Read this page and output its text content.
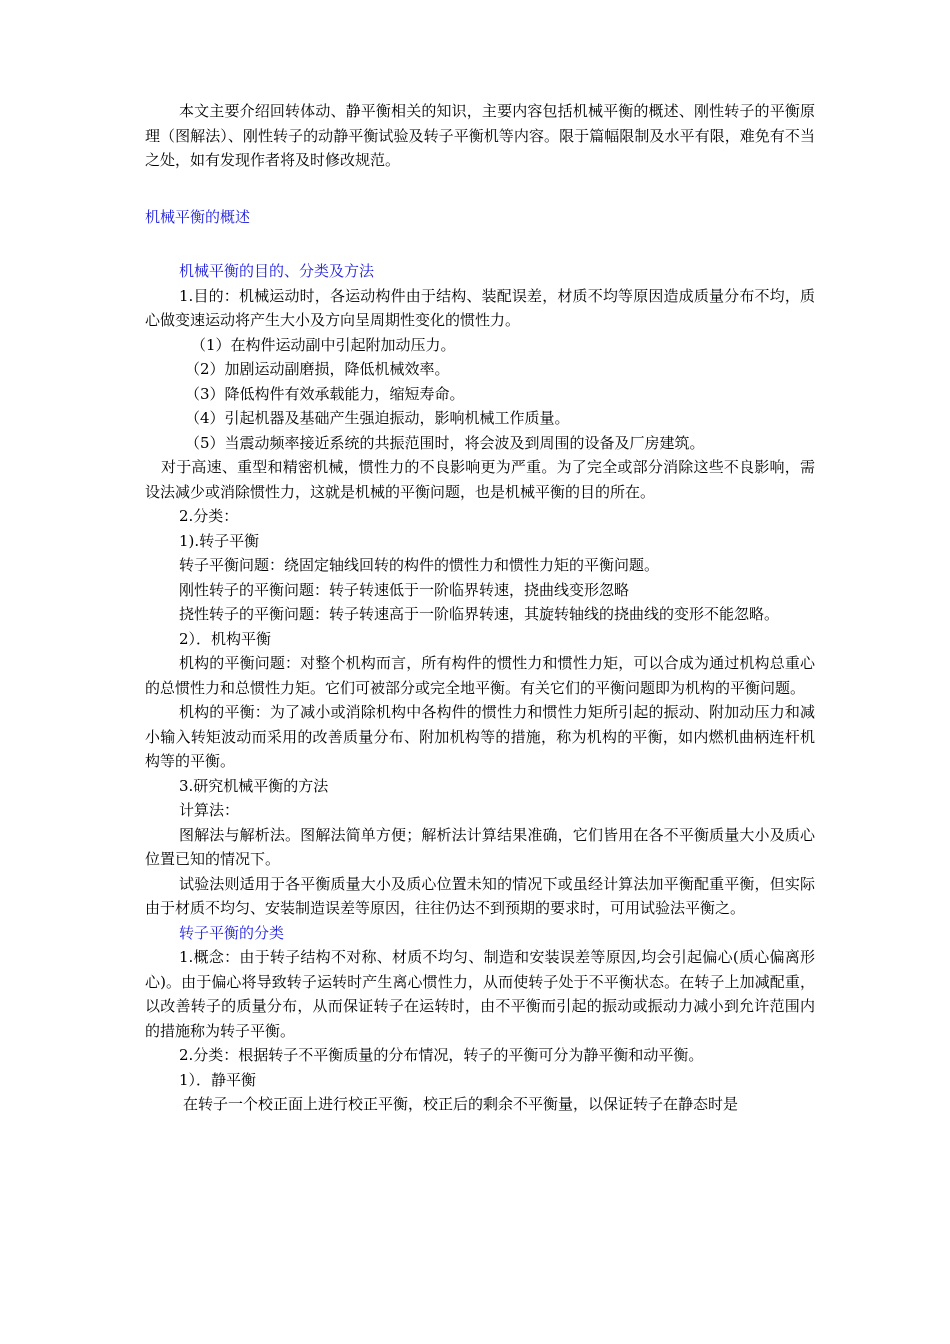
本文主要介绍回转体动、静平衡相关的知识，主要内容包括机械平衡的概述、刚性转子的平衡原理（图解法）、刚性转子的动静平衡试验及转子平衡机等内容。限于篇幅限制及水平有限，难免有不当之处，如有发现作者将及时修改规范。

机械平衡的概述

机械平衡的目的、分类及方法

1.目的：机械运动时，各运动构件由于结构、装配误差，材质不均等原因造成质量分布不均，质心做变速运动将产生大小及方向呈周期性变化的惯性力。

（1）在构件运动副中引起附加动压力。

（2）加剧运动副磨损，降低机械效率。

（3）降低构件有效承载能力，缩短寿命。

（4）引起机器及基础产生强迫振动，影响机械工作质量。

（5）当震动频率接近系统的共振范围时，将会波及到周围的设备及厂房建筑。

对于高速、重型和精密机械，惯性力的不良影响更为严重。为了完全或部分消除这些不良影响，需设法减少或消除惯性力，这就是机械的平衡问题，也是机械平衡的目的所在。

2.分类：

1).转子平衡

转子平衡问题：绕固定轴线回转的构件的惯性力和惯性力矩的平衡问题。

刚性转子的平衡问题：转子转速低于一阶临界转速，挠曲线变形忽略

挠性转子的平衡问题：转子转速高于一阶临界转速，其旋转轴线的挠曲线的变形不能忽略。

2）．机构平衡

机构的平衡问题：对整个机构而言，所有构件的惯性力和惯性力矩，可以合成为通过机构总重心的总惯性力和总惯性力矩。它们可被部分或完全地平衡。有关它们的平衡问题即为机构的平衡问题。

机构的平衡：为了减小或消除机构中各构件的惯性力和惯性力矩所引起的振动、附加动压力和减小输入转矩波动而采用的改善质量分布、附加机构等的措施，称为机构的平衡，如内燃机曲柄连杆机构等的平衡。

3.研究机械平衡的方法

计算法：

图解法与解析法。图解法简单方便；解析法计算结果准确，它们皆用在各不平衡质量大小及质心位置已知的情况下。

试验法则适用于各平衡质量大小及质心位置未知的情况下或虽经计算法加平衡配重平衡，但实际由于材质不均匀、安装制造误差等原因，往往仍达不到预期的要求时，可用试验法平衡之。

转子平衡的分类

1.概念：由于转子结构不对称、材质不均匀、制造和安装误差等原因,均会引起偏心(质心偏离形心)。由于偏心将导致转子运转时产生离心惯性力，从而使转子处于不平衡状态。在转子上加减配重，以改善转子的质量分布，从而保证转子在运转时，由不平衡而引起的振动或振动力减小到允许范围内的措施称为转子平衡。

2.分类：根据转子不平衡质量的分布情况，转子的平衡可分为静平衡和动平衡。

1）．静平衡

在转子一个校正面上进行校正平衡，校正后的剩余不平衡量，以保证转子在静态时是
